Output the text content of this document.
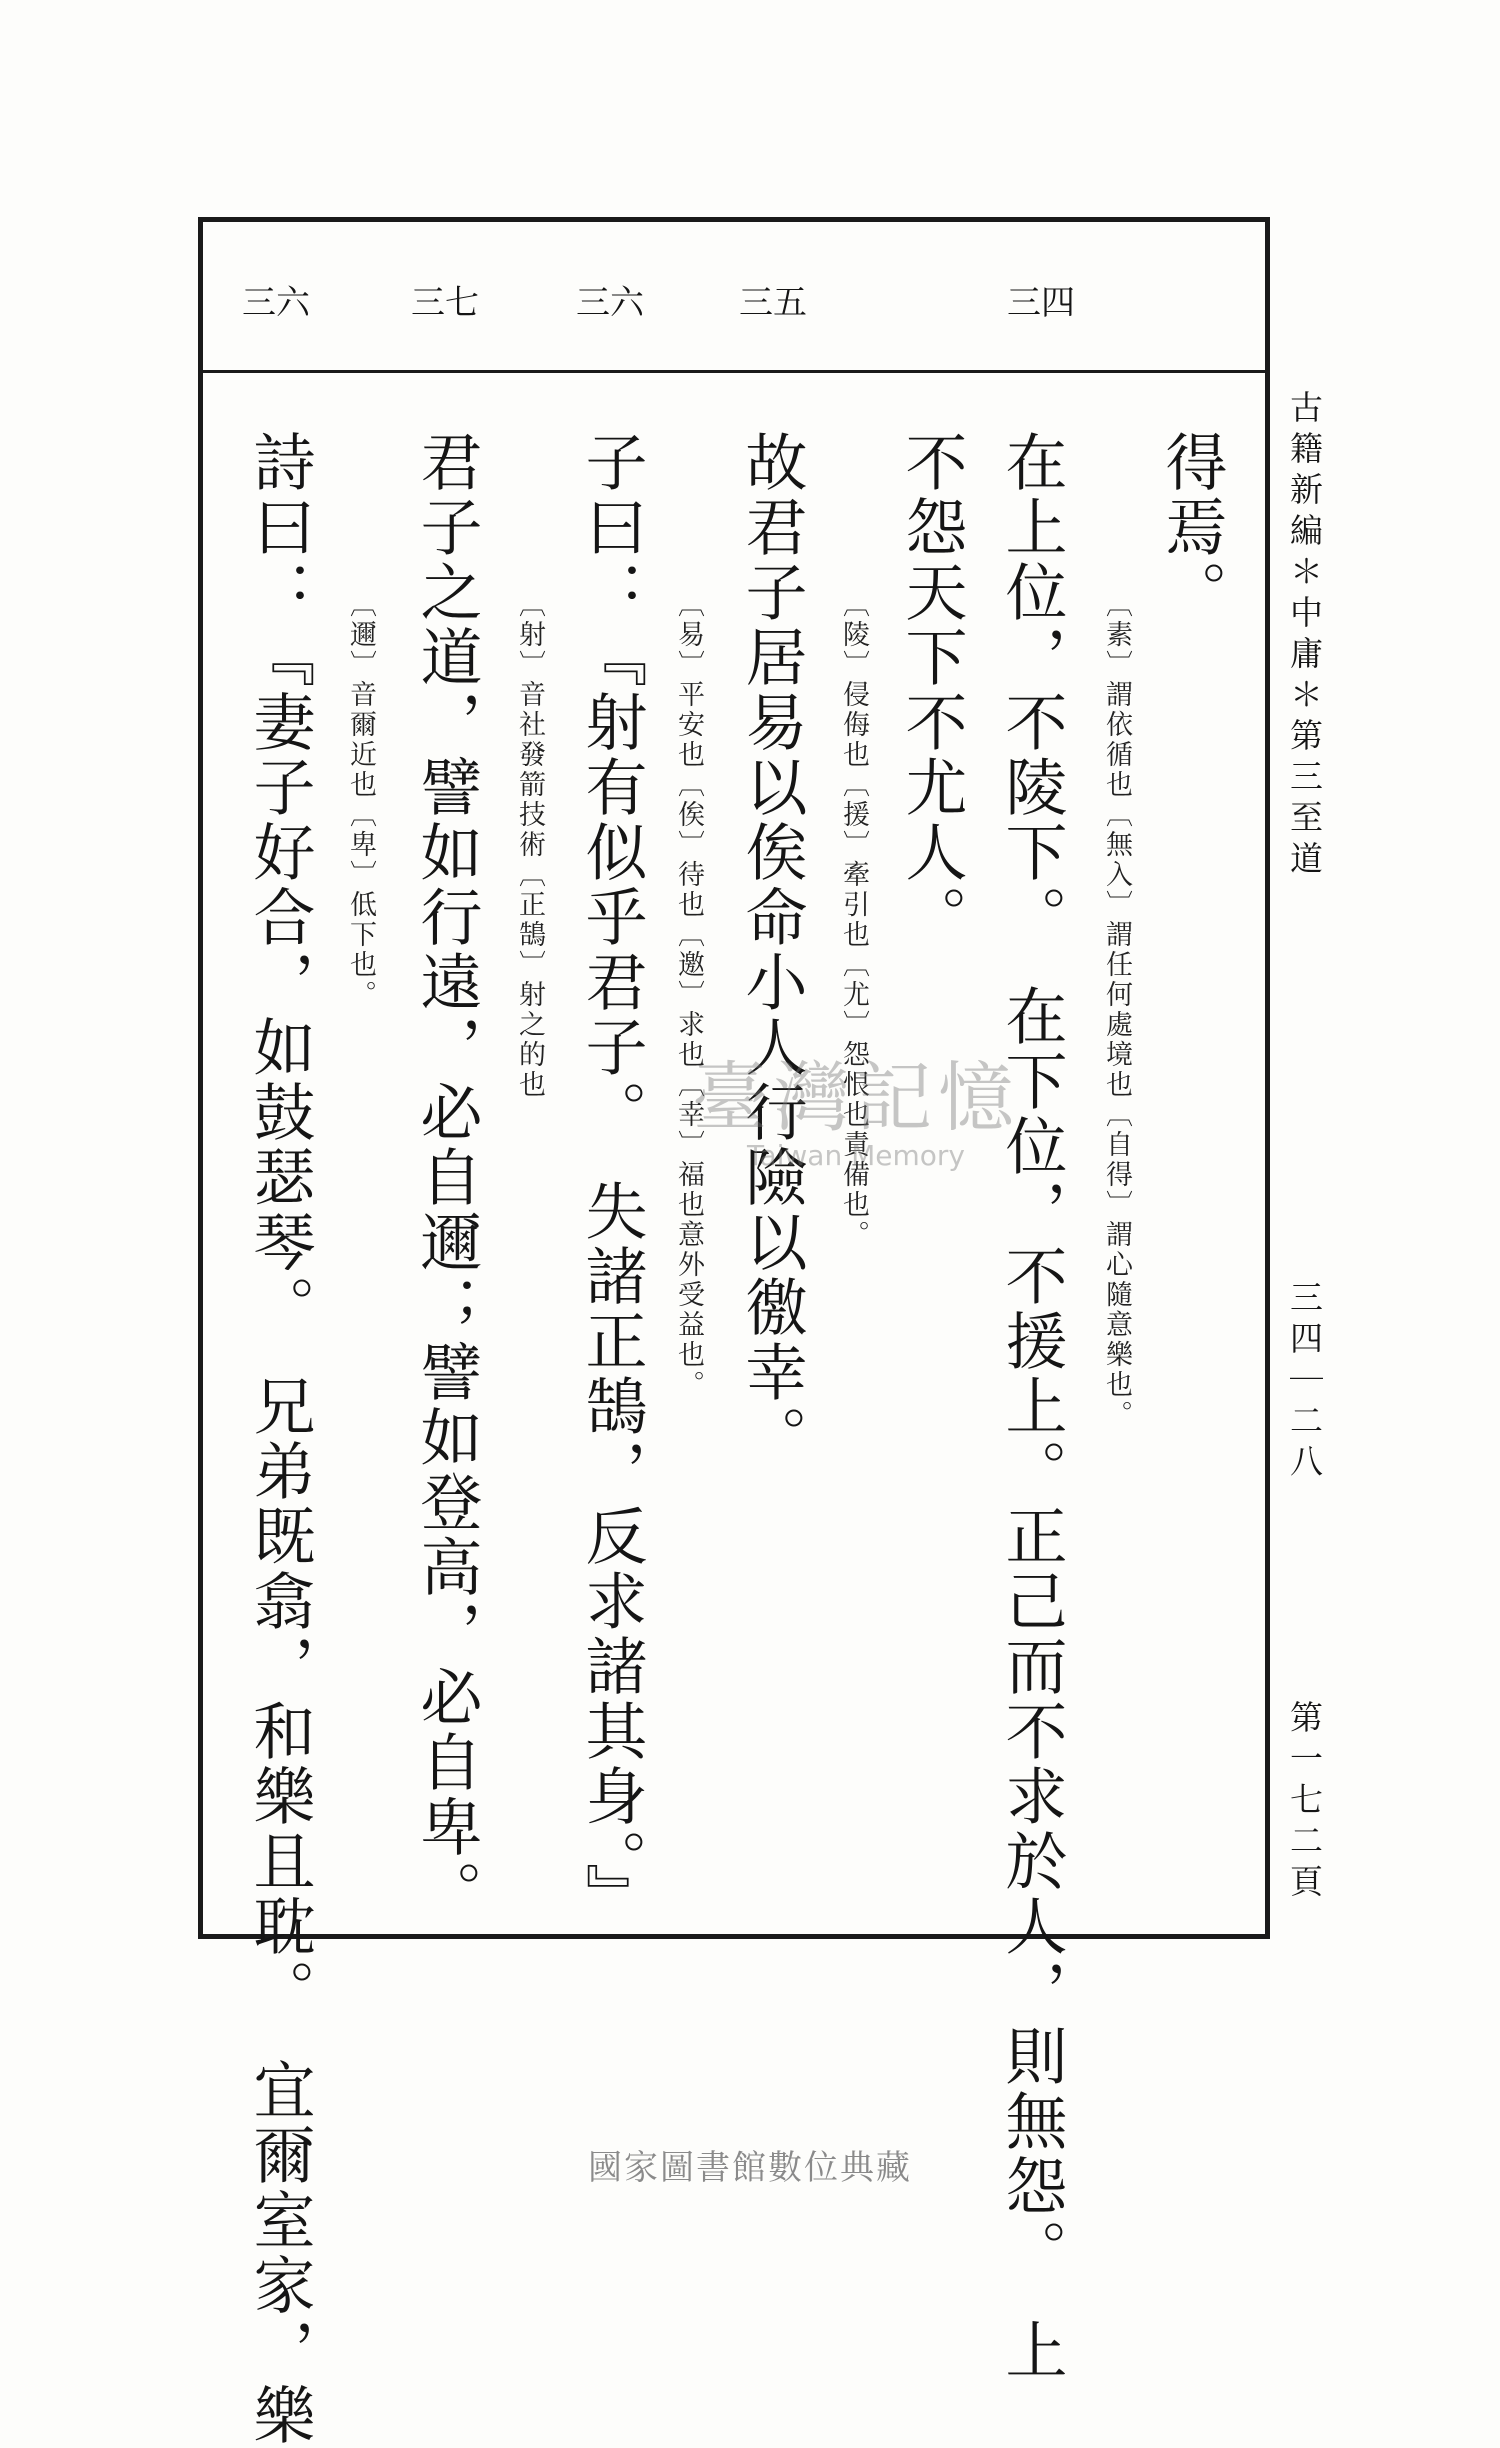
三六	三七	三六	三五	三四
得焉。
〔素〕謂依循也〔無入〕謂任何處境也〔自得〕謂心隨意樂也。
在上位，不陵下。　在下位，不援上。正己而不求於人，則無怨。　上
不怨天下不尤人。
〔陵〕侵侮也〔援〕牽引也〔尤〕怨恨也責備也。
故君子居易以俟命小人行險以徼幸。
〔易〕平安也〔俟〕待也〔邀〕求也〔幸〕福也意外受益也。
子曰：『射有似乎君子。　失諸正鵠，反求諸其身。』
〔射〕音社發箭技術〔正鵠〕射之的也
君子之道，譬如行遠，必自邇；譬如登高，必自卑。
〔邇〕音爾近也〔卑〕低下也。
詩曰：『妻子好合，如鼓瑟琴。　兄弟既翕，和樂且耽。　宜爾室家，樂	古籍新編＊中庸＊第三至道
三四｜二八
第一七二頁
臺灣記憶
Taiwan Memory
國家圖書館數位典藏
